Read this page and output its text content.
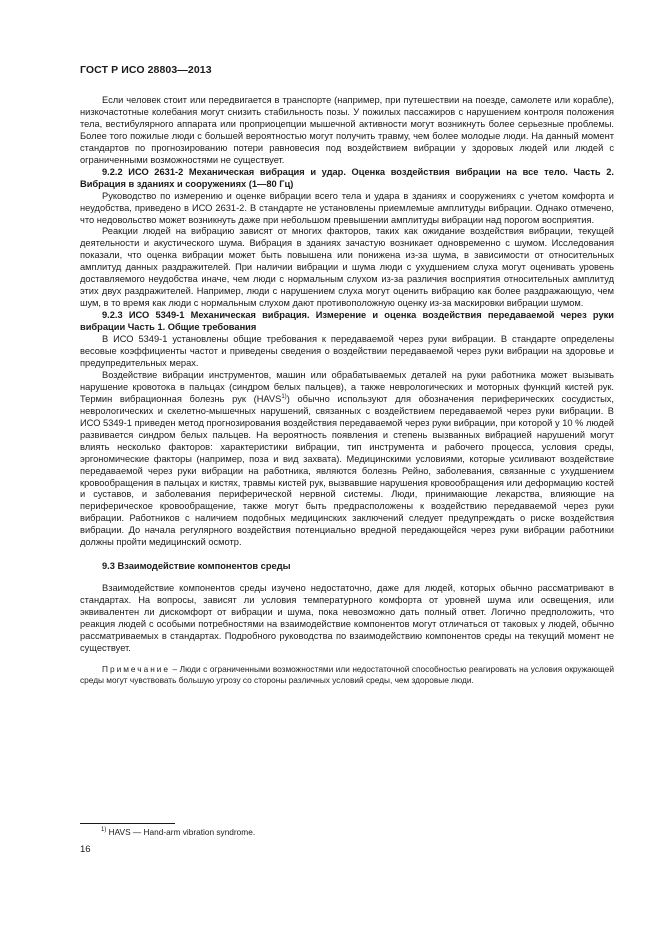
ГОСТ Р ИСО 28803—2013

Если человек стоит или передвигается в транспорте (например, при путешествии на поезде, самолете или корабле), низкочастотные колебания могут снизить стабильность позы. У пожилых пассажиров с нарушением контроля положения тела, вестибулярного аппарата или проприоцепции мышечной активности могут возникнуть более серьезные проблемы. Более того пожилые люди с большей вероятностью могут получить травму, чем более молодые люди. На данный момент стандартов по прогнозированию потери равновесия под воздействием вибрации у здоровых людей или людей с ограниченными возможностями не существует.

9.2.2 ИСО 2631-2 Механическая вибрация и удар. Оценка воздействия вибрации на все тело. Часть 2. Вибрация в зданиях и сооружениях (1—80 Гц)

Руководство по измерению и оценке вибрации всего тела и удара в зданиях и сооружениях с учетом комфорта и неудобства, приведено в ИСО 2631-2. В стандарте не установлены приемлемые амплитуды вибрации. Однако отмечено, что недовольство может возникнуть даже при небольшом превышении амплитуды вибрации над порогом восприятия.

Реакции людей на вибрацию зависят от многих факторов, таких как ожидание воздействия вибрации, текущей деятельности и акустического шума. Вибрация в зданиях зачастую возникает одновременно с шумом. Исследования показали, что оценка вибрации может быть повышена или понижена из-за шума, в зависимости от относительных амплитуд данных раздражителей. При наличии вибрации и шума люди с ухудшением слуха могут оценивать уровень доставляемого неудобства иначе, чем люди с нормальным слухом из-за различия восприятия относительных амплитуд этих двух раздражителей. Например, люди с нарушением слуха могут оценить вибрацию как более раздражающую, чем шум, в то время как люди с нормальным слухом дают противоположную оценку из-за маскировки вибрации шумом.

9.2.3 ИСО 5349-1 Механическая вибрация. Измерение и оценка воздействия передаваемой через руки вибрации Часть 1. Общие требования

В ИСО 5349-1 установлены общие требования к передаваемой через руки вибрации. В стандарте определены весовые коэффициенты частот и приведены сведения о воздействии передаваемой через руки вибрации на здоровье и предупредительных мерах.

Воздействие вибрации инструментов, машин или обрабатываемых деталей на руки работника может вызывать нарушение кровотока в пальцах (синдром белых пальцев), а также неврологических и моторных функций кистей рук. Термин вибрационная болезнь рук (HAVS$^{1)}$) обычно используют для обозначения периферических сосудистых, неврологических и скелетно-мышечных нарушений, связанных с воздействием передаваемой через руки вибрации. В ИСО 5349-1 приведен метод прогнозирования воздействия передаваемой через руки вибрации, при которой у 10 % людей развивается синдром белых пальцев. На вероятность появления и степень вызванных вибрацией нарушений могут влиять несколько факторов: характеристики вибрации, тип инструмента и рабочего процесса, условия среды, эргономические факторы (например, поза и вид захвата). Медицинскими условиями, которые усиливают воздействие передаваемой через руки вибрации на работника, являются болезнь Рейно, заболевания, связанные с ухудшением кровообращения в пальцах и кистях, травмы кистей рук, вызвавшие нарушения кровообращения или деформацию костей и суставов, и заболевания периферической нервной системы. Люди, принимающие лекарства, влияющие на периферическое кровообращение, также могут быть предрасположены к воздействию передаваемой через руки вибрации. Работников с наличием подобных медицинских заключений следует предупреждать о риске воздействия вибрации. До начала регулярного воздействия потенциально вредной передающейся через руки вибрации работники должны пройти медицинский осмотр.

9.3 Взаимодействие компонентов среды

Взаимодействие компонентов среды изучено недостаточно, даже для людей, которых обычно рассматривают в стандартах. На вопросы, зависят ли условия температурного комфорта от уровней шума или освещения, или эквивалентен ли дискомфорт от вибрации и шума, пока невозможно дать полный ответ. Логично предположить, что реакция людей с особыми потребностями на взаимодействие компонентов могут отличаться от таковых у людей, обычно рассматриваемых в стандартах. Подробного руководства по взаимодействию компонентов среды на текущий момент не существует.

Примечание – Люди с ограниченными возможностями или недостаточной способностью реагировать на условия окружающей среды могут чувствовать большую угрозу со стороны различных условий среды, чем здоровые люди.

$^{1)}$ HAVS — Hand-arm vibration syndrome.
16
